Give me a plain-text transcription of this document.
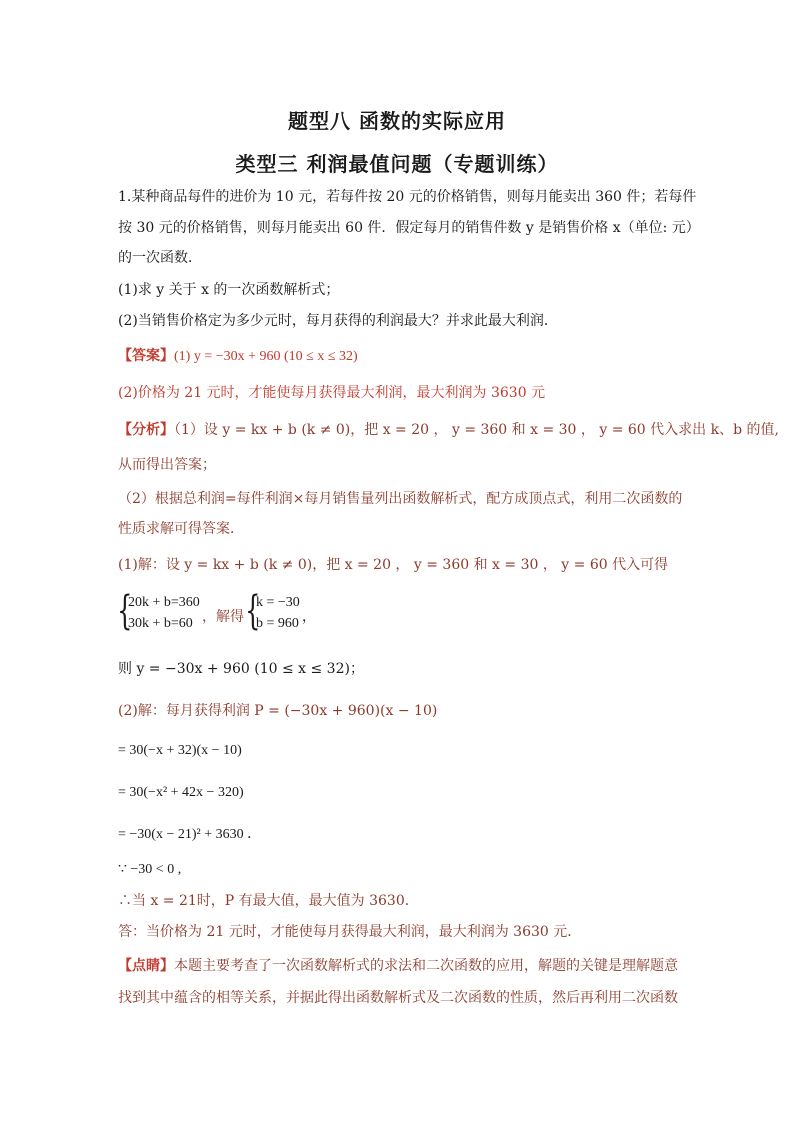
题型八 函数的实际应用
类型三 利润最值问题（专题训练）
1.某种商品每件的进价为 10 元，若每件按 20 元的价格销售，则每月能卖出 360 件；若每件
按 30 元的价格销售，则每月能卖出 60 件．假定每月的销售件数 y 是销售价格 x（单位: 元）
的一次函数．
(1)求 y 关于 x 的一次函数解析式；
(2)当销售价格定为多少元时，每月获得的利润最大？并求此最大利润．
【答案】(1) y = −30x + 960 (10 ≤ x ≤ 32)
(2)价格为 21 元时，才能使每月获得最大利润，最大利润为 3630 元
【分析】（1）设 y = kx + b (k ≠ 0)，把 x = 20 ， y = 360 和 x = 30 ， y = 60 代入求出 k、b 的值,
从而得出答案；
（2）根据总利润=每件利润×每月销售量列出函数解析式，配方成顶点式，利用二次函数的
性质求解可得答案．
(1)解：设 y = kx + b (k ≠ 0)，把 x = 20 ， y = 360 和 x = 30 ， y = 60 代入可得
{
20k + b=360
30k + b=60 ，解得 {
k = −30
b = 960 ，
则 y = −30x + 960 (10 ≤ x ≤ 32)；
(2)解：每月获得利润 P = (−30x + 960)(x − 10)
= 30(−x + 32)(x − 10)
= 30(−x² + 42x − 320)
= −30(x − 21)² + 3630 ．
∵ −30 < 0 ,
∴当 x = 21时，P 有最大值，最大值为 3630．
答：当价格为 21 元时，才能使每月获得最大利润，最大利润为 3630 元．
【点睛】本题主要考查了一次函数解析式的求法和二次函数的应用，解题的关键是理解题意
找到其中蕴含的相等关系，并据此得出函数解析式及二次函数的性质，然后再利用二次函数
